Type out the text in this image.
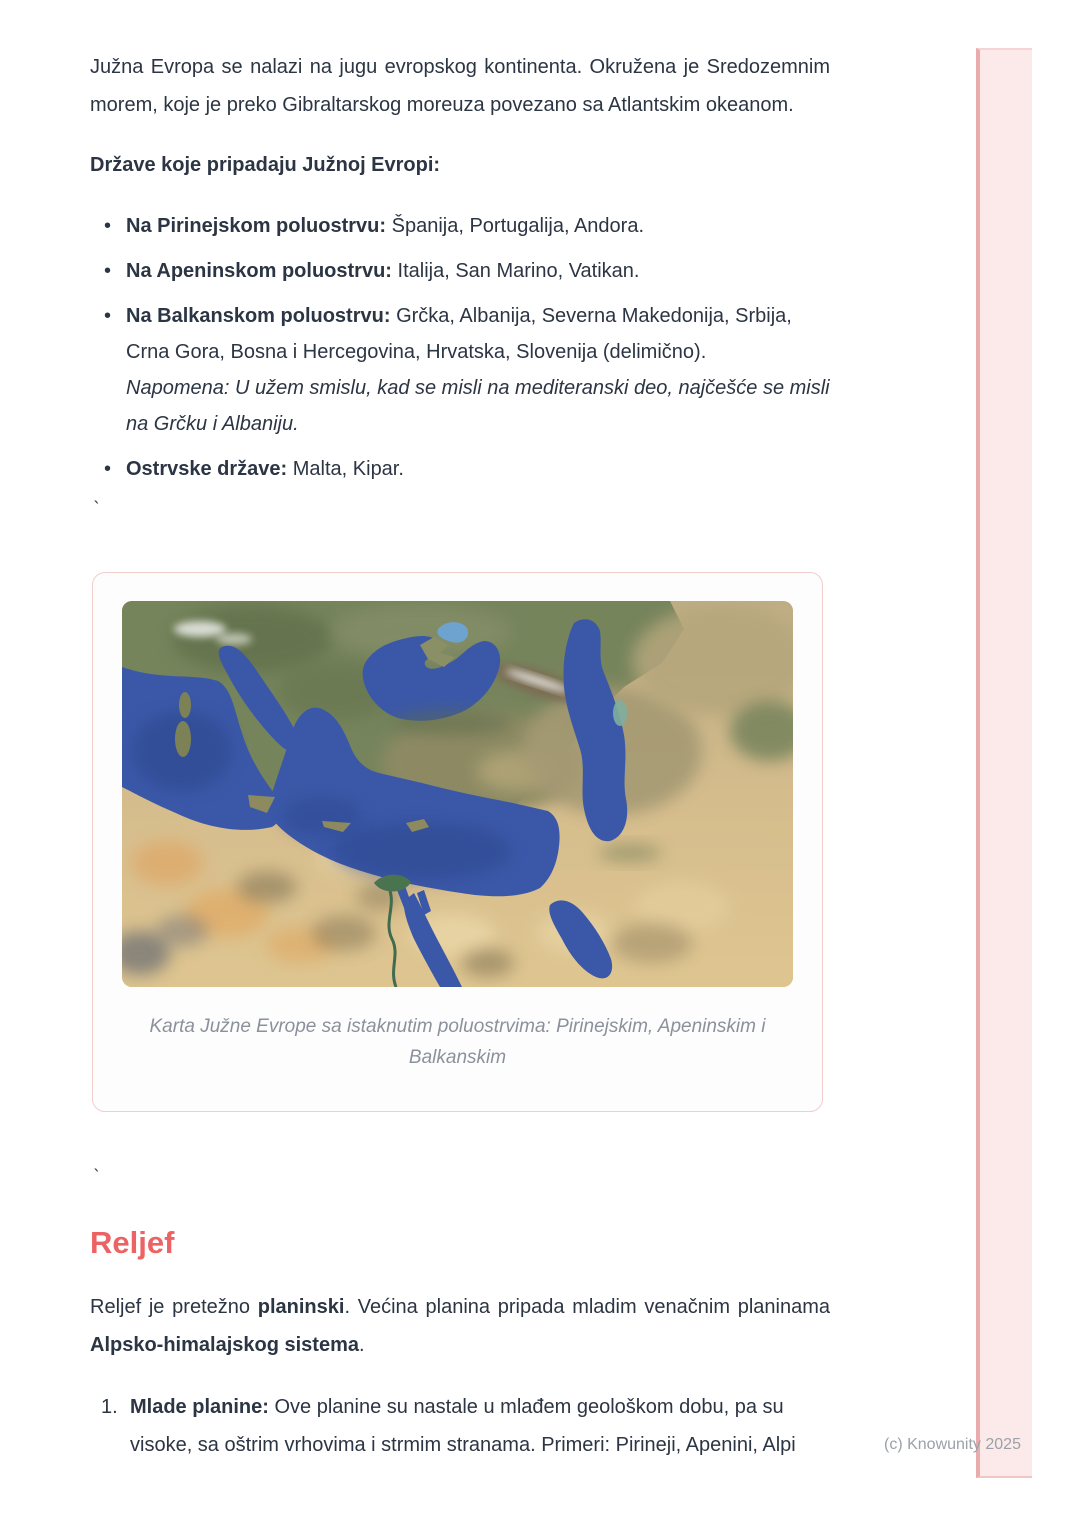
(c) Knowunity 2025

Južna Evropa se nalazi na jugu evropskog kontinenta. Okružena je Sredozemnim morem, koje je preko Gibraltarskog moreuza povezano sa Atlantskim okeanom.

Države koje pripadaju Južnoj Evropi:

• Na Pirinejskom poluostrvu: Španija, Portugalija, Andora.
• Na Apeninskom poluostrvu: Italija, San Marino, Vatikan.
• Na Balkanskom poluostrvu: Grčka, Albanija, Severna Makedonija, Srbija, Crna Gora, Bosna i Hercegovina, Hrvatska, Slovenija (delimično).
Napomena: U užem smislu, kad se misli na mediteranski deo, najčešće se misli na Grčku i Albaniju.
• Ostrvske države: Malta, Kipar.
`
Karta Južne Evrope sa istaknutim poluostrvima: Pirinejskim, Apeninskim i Balkanskim
`
Reljef

Reljef je pretežno planinski. Većina planina pripada mladim venačnim planinama Alpsko-himalajskog sistema.

1. Mlade planine: Ove planine su nastale u mlađem geološkom dobu, pa su visoke, sa oštrim vrhovima i strmim stranama. Primeri: Pirineji, Apenini, Alpi
